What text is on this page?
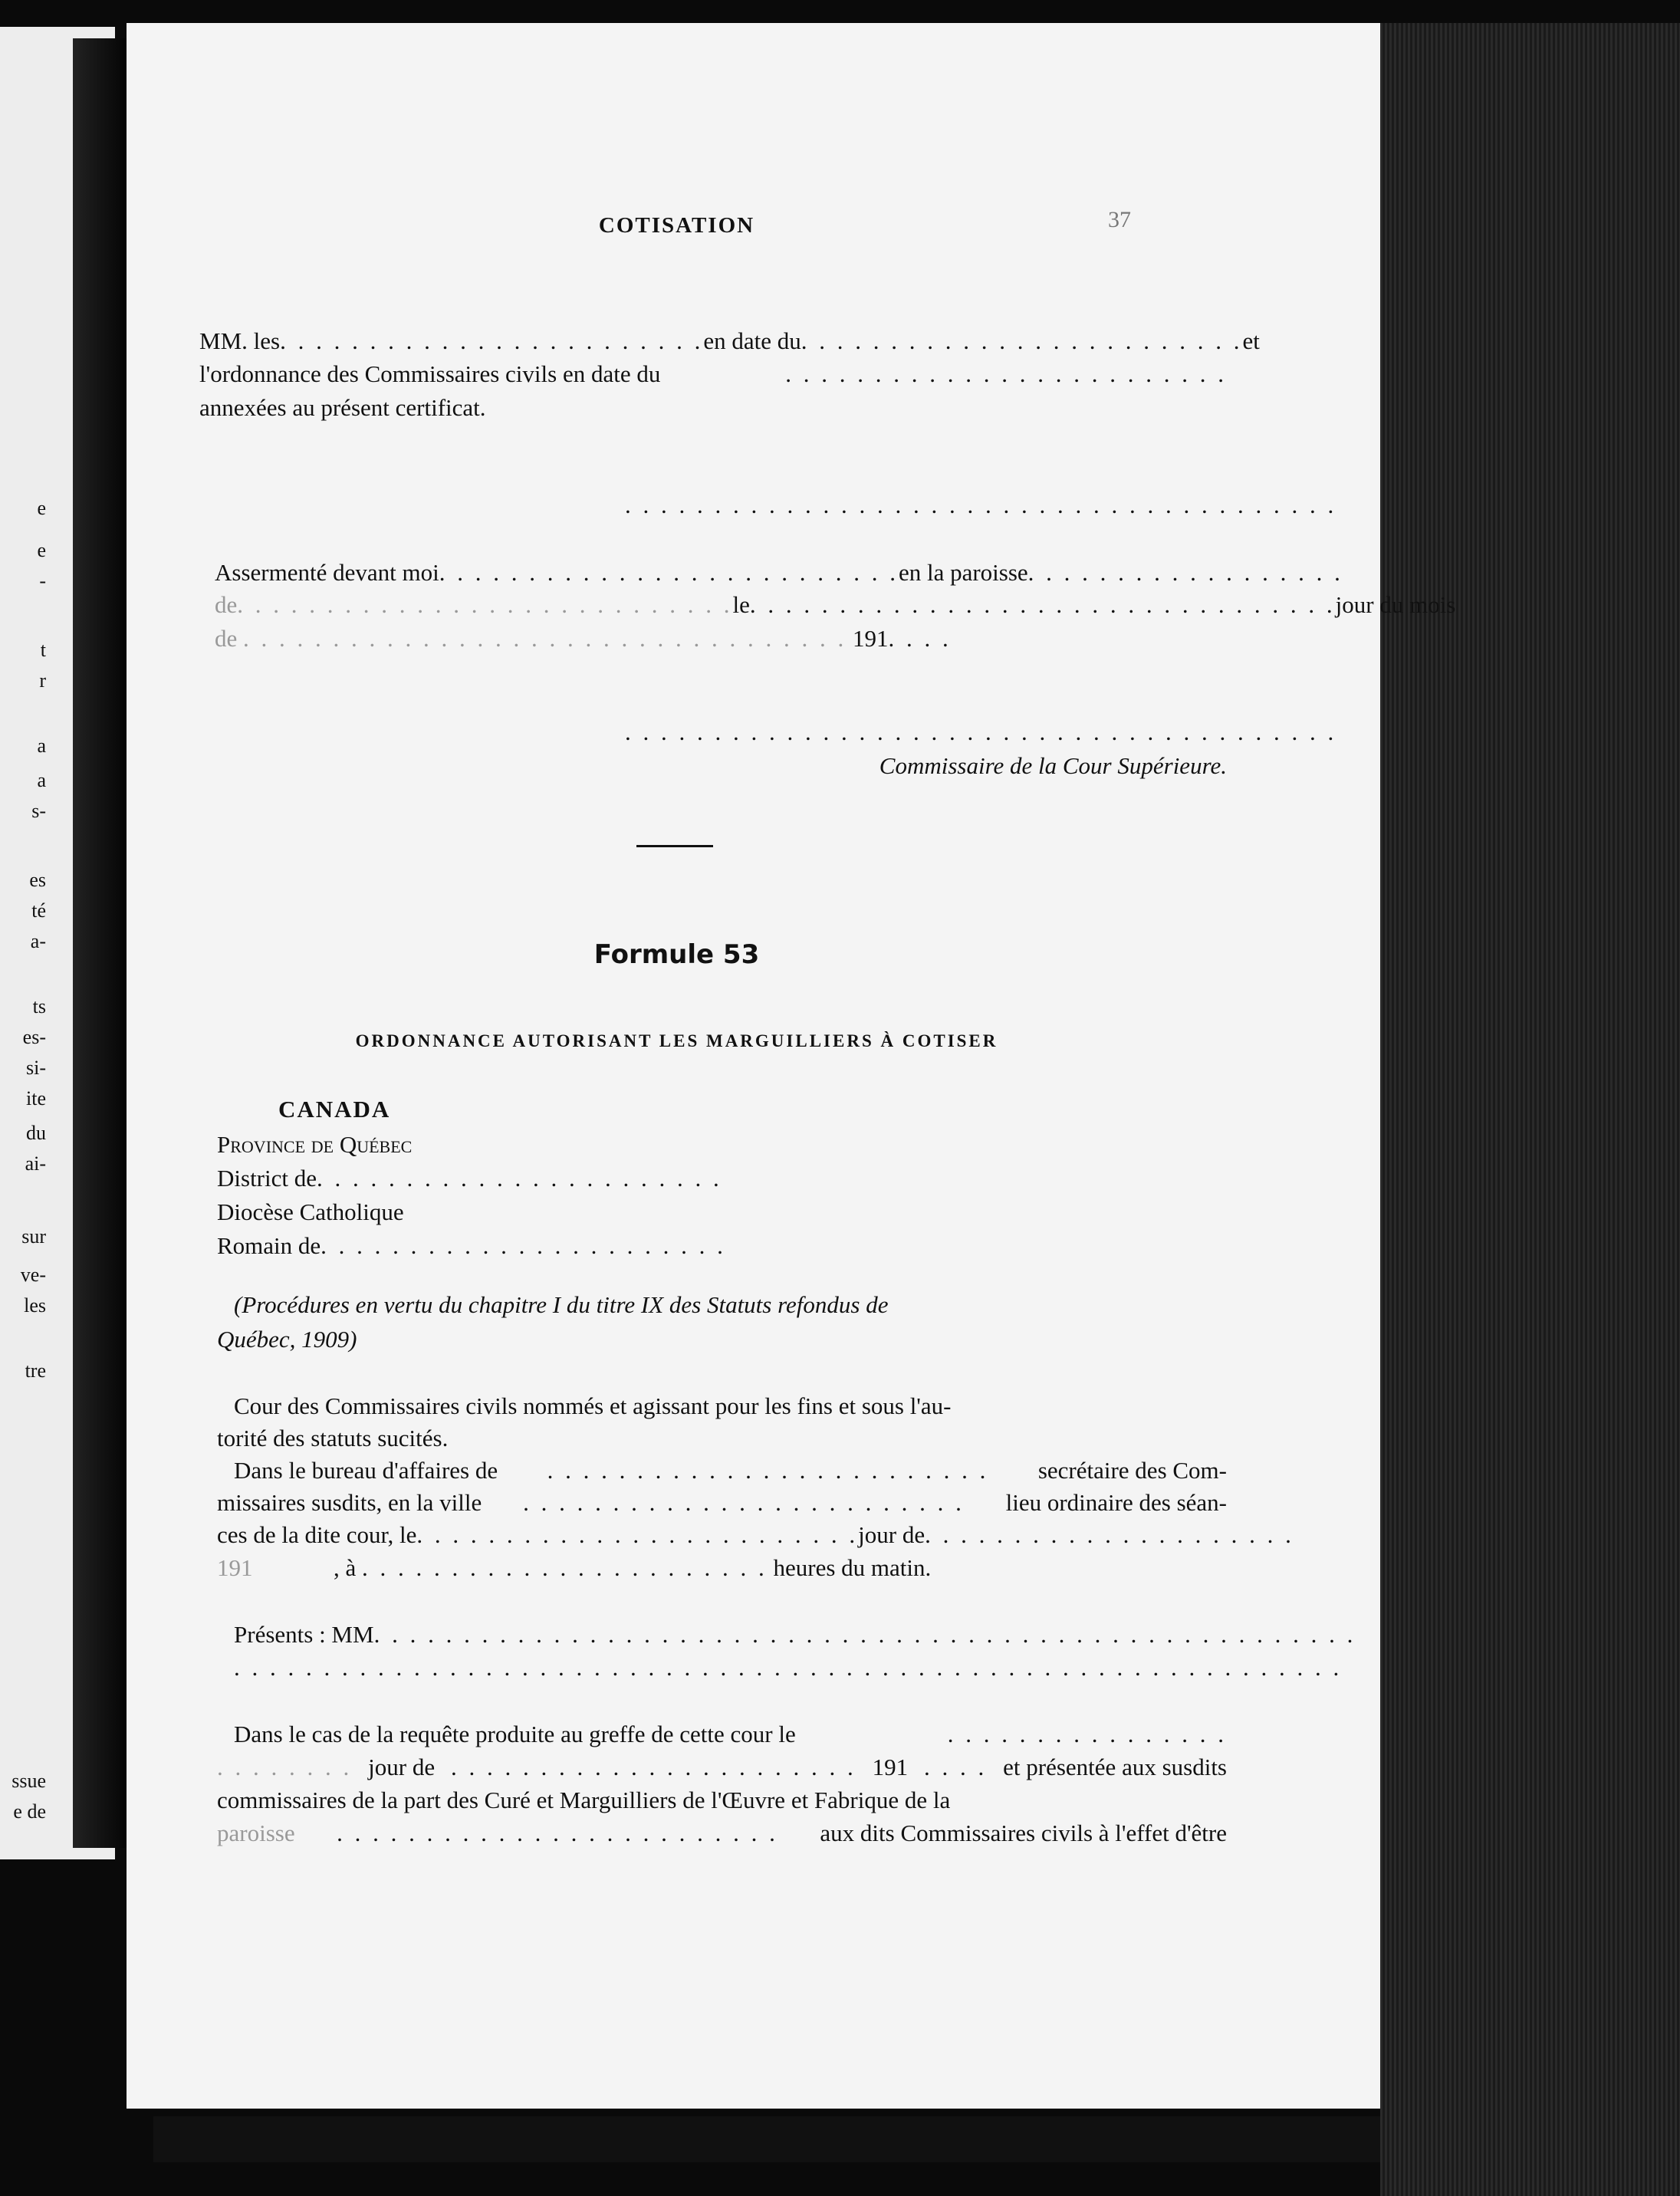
e
e
-
t
r
a
a
s-
es
té
a-
ts
es-
si-
ite
du
ai-
sur
ve-
les
tre
ssue
e de
COTISATION	37
MM. les . . . . . . . . . . . . . . . . . . . . . . . . en date du . . . . . . . . . . . . . . . . . . . . . . . . . et
l'ordonnance des Commissaires civils en date du	. . . . . . . . . . . . . . . . . . . . . . . . .
annexées au présent certificat.
. . . . . . . . . . . . . . . . . . . . . . . . . . . . . . . . . . . . . . . .
Assermenté devant moi . . . . . . . . . . . . . . . . . . . . . . . . . . en la paroisse . . . . . . . . . . . . . . . . . .
de . . . . . . . . . . . . . . . . . . . . . . . . . . . . le . . . . . . . . . . . . . . . . . . . . . . . . . . . . . . . . . jour du mois
de . . . . . . . . . . . . . . . . . . . . . . . . . . . . . . . . . . 191. . . .
. . . . . . . . . . . . . . . . . . . . . . . . . . . . . . . . . . . . . . . .
Commissaire de la Cour Supérieure.
Formule 53
ORDONNANCE AUTORISANT LES MARGUILLIERS À COTISER
CANADA
Province de Québec
District de. . . . . . . . . . . . . . . . . . . . . . .
Diocèse Catholique
Romain de. . . . . . . . . . . . . . . . . . . . . . .
(Procédures en vertu du chapitre I du titre IX des Statuts refondus de
Québec, 1909)
Cour des Commissaires civils nommés et agissant pour les fins et sous l'au-
torité des statuts sucités.
Dans le bureau d'affaires de . . . . . . . . . . . . . . . . . . . . . . . . . secrétaire des Com-
missaires susdits, en la ville . . . . . . . . . . . . . . . . . . . . . . . . . lieu ordinaire des séan-
ces de la dite cour, le . . . . . . . . . . . . . . . . . . . . . . . . . jour de . . . . . . . . . . . . . . . . . . . . .
191	, à . . . . . . . . . . . . . . . . . . . . . . . heures du matin.
Présents : MM . . . . . . . . . . . . . . . . . . . . . . . . . . . . . . . . . . . . . . . . . . . . . . . . . . . . . . .
. . . . . . . . . . . . . . . . . . . . . . . . . . . . . . . . . . . . . . . . . . . . . . . . . . . . . . . . . . . . . .
Dans le cas de la requête produite au greffe de cette cour le	. . . . . . . . . . . . . . . .
. . . . . . . . jour de . . . . . . . . . . . . . . . . . . . . . . . 191 . . . . et présentée aux susdits
commissaires de la part des Curé et Marguilliers de l'Œuvre et Fabrique de la
paroisse . . . . . . . . . . . . . . . . . . . . . . . . . aux dits Commissaires civils à l'effet d'être
